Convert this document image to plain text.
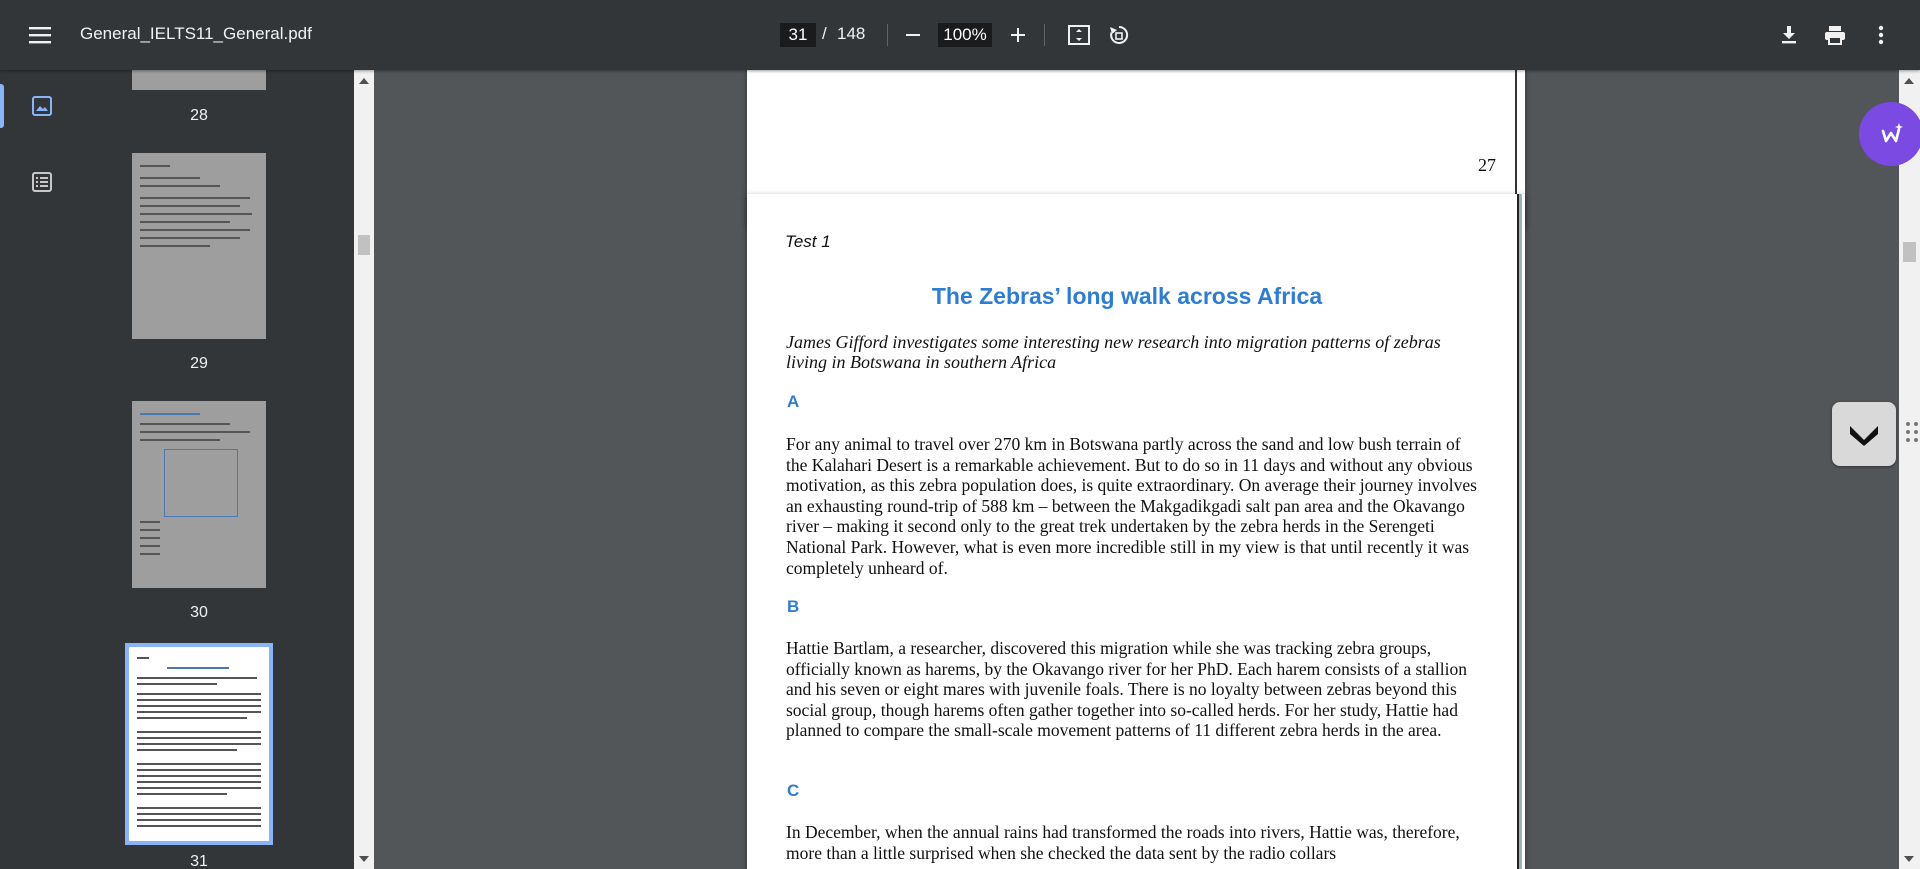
General_IELTS11_General.pdf	31 / 148	100%
28
29
30
31
27
Test 1
The Zebras’ long walk across Africa
James Gifford investigates some interesting new research into migration patterns of zebras living in Botswana in southern Africa
A
For any animal to travel over 270 km in Botswana partly across the sand and low bush terrain of the Kalahari Desert is a remarkable achievement. But to do so in 11 days and without any obvious motivation, as this zebra population does, is quite extraordinary. On average their journey involves an exhausting round-trip of 588 km – between the Makgadikgadi salt pan area and the Okavango river – making it second only to the great trek undertaken by the zebra herds in the Serengeti National Park. However, what is even more incredible still in my view is that until recently it was completely unheard of.
B
Hattie Bartlam, a researcher, discovered this migration while she was tracking zebra groups, officially known as harems, by the Okavango river for her PhD. Each harem consists of a stallion and his seven or eight mares with juvenile foals. There is no loyalty between zebras beyond this social group, though harems often gather together into so-called herds. For her study, Hattie had planned to compare the small-scale movement patterns of 11 different zebra herds in the area.
C
In December, when the annual rains had transformed the roads into rivers, Hattie was, therefore, more than a little surprised when she checked the data sent by the radio collars
